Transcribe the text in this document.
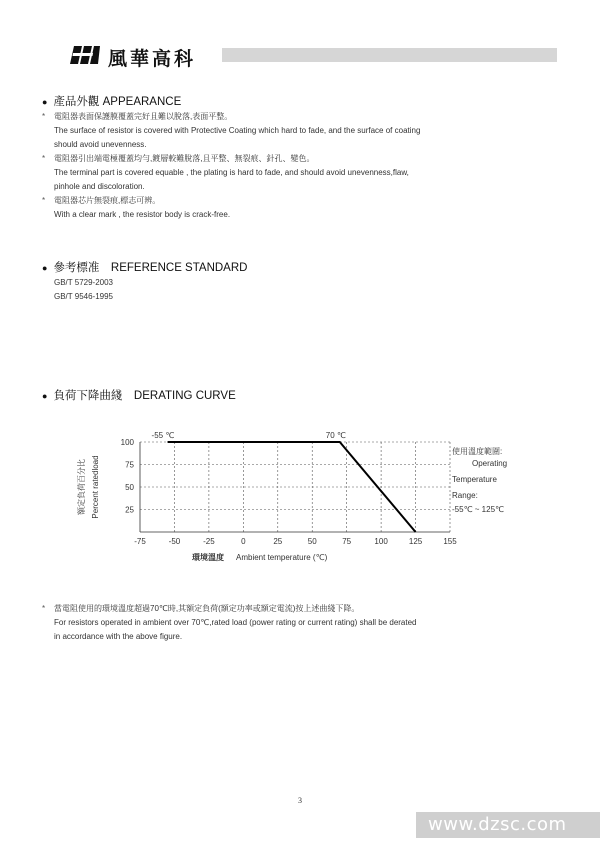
風華高科
● 產品外觀 APPEARANCE
* 電阻器表面保護膜覆蓋完好且難以脫落,表面平整。
The surface of resistor is covered with Protective Coating which hard to fade, and the surface of coating
should avoid unevenness.
* 電阻器引出端電極覆蓋均勻,鍍層較難脫落,且平整、無裂痕、針孔、變色。
The terminal part is covered equable , the plating is hard to fade, and should avoid unevenness,flaw,
pinhole and discoloration.
* 電阻器芯片無裂痕,標志可辨。
With a clear mark , the resistor body is crack-free.
● 參考標准　REFERENCE STANDARD
GB/T 5729-2003
GB/T 9546-1995
● 負荷下降曲綫　DERATING CURVE
100
75
50
25
-75	-50	-25	0	25	50	75	100	125	155
-55 ℃	70 ℃
額定負荷百分比 Percent ratedload
環境溫度 Ambient temperature (℃)
使用溫度範圍:
Operating
Temperature
Range:
-55℃ ~ 125℃
* 當電阻使用的環境溫度超過70℃時,其額定負荷(額定功率或額定電流)按上述曲綫下降。
For resistors operated in ambient over 70℃,rated load (power rating or current rating) shall be derated
in accordance with the above figure.
3
www.dzsc.com
